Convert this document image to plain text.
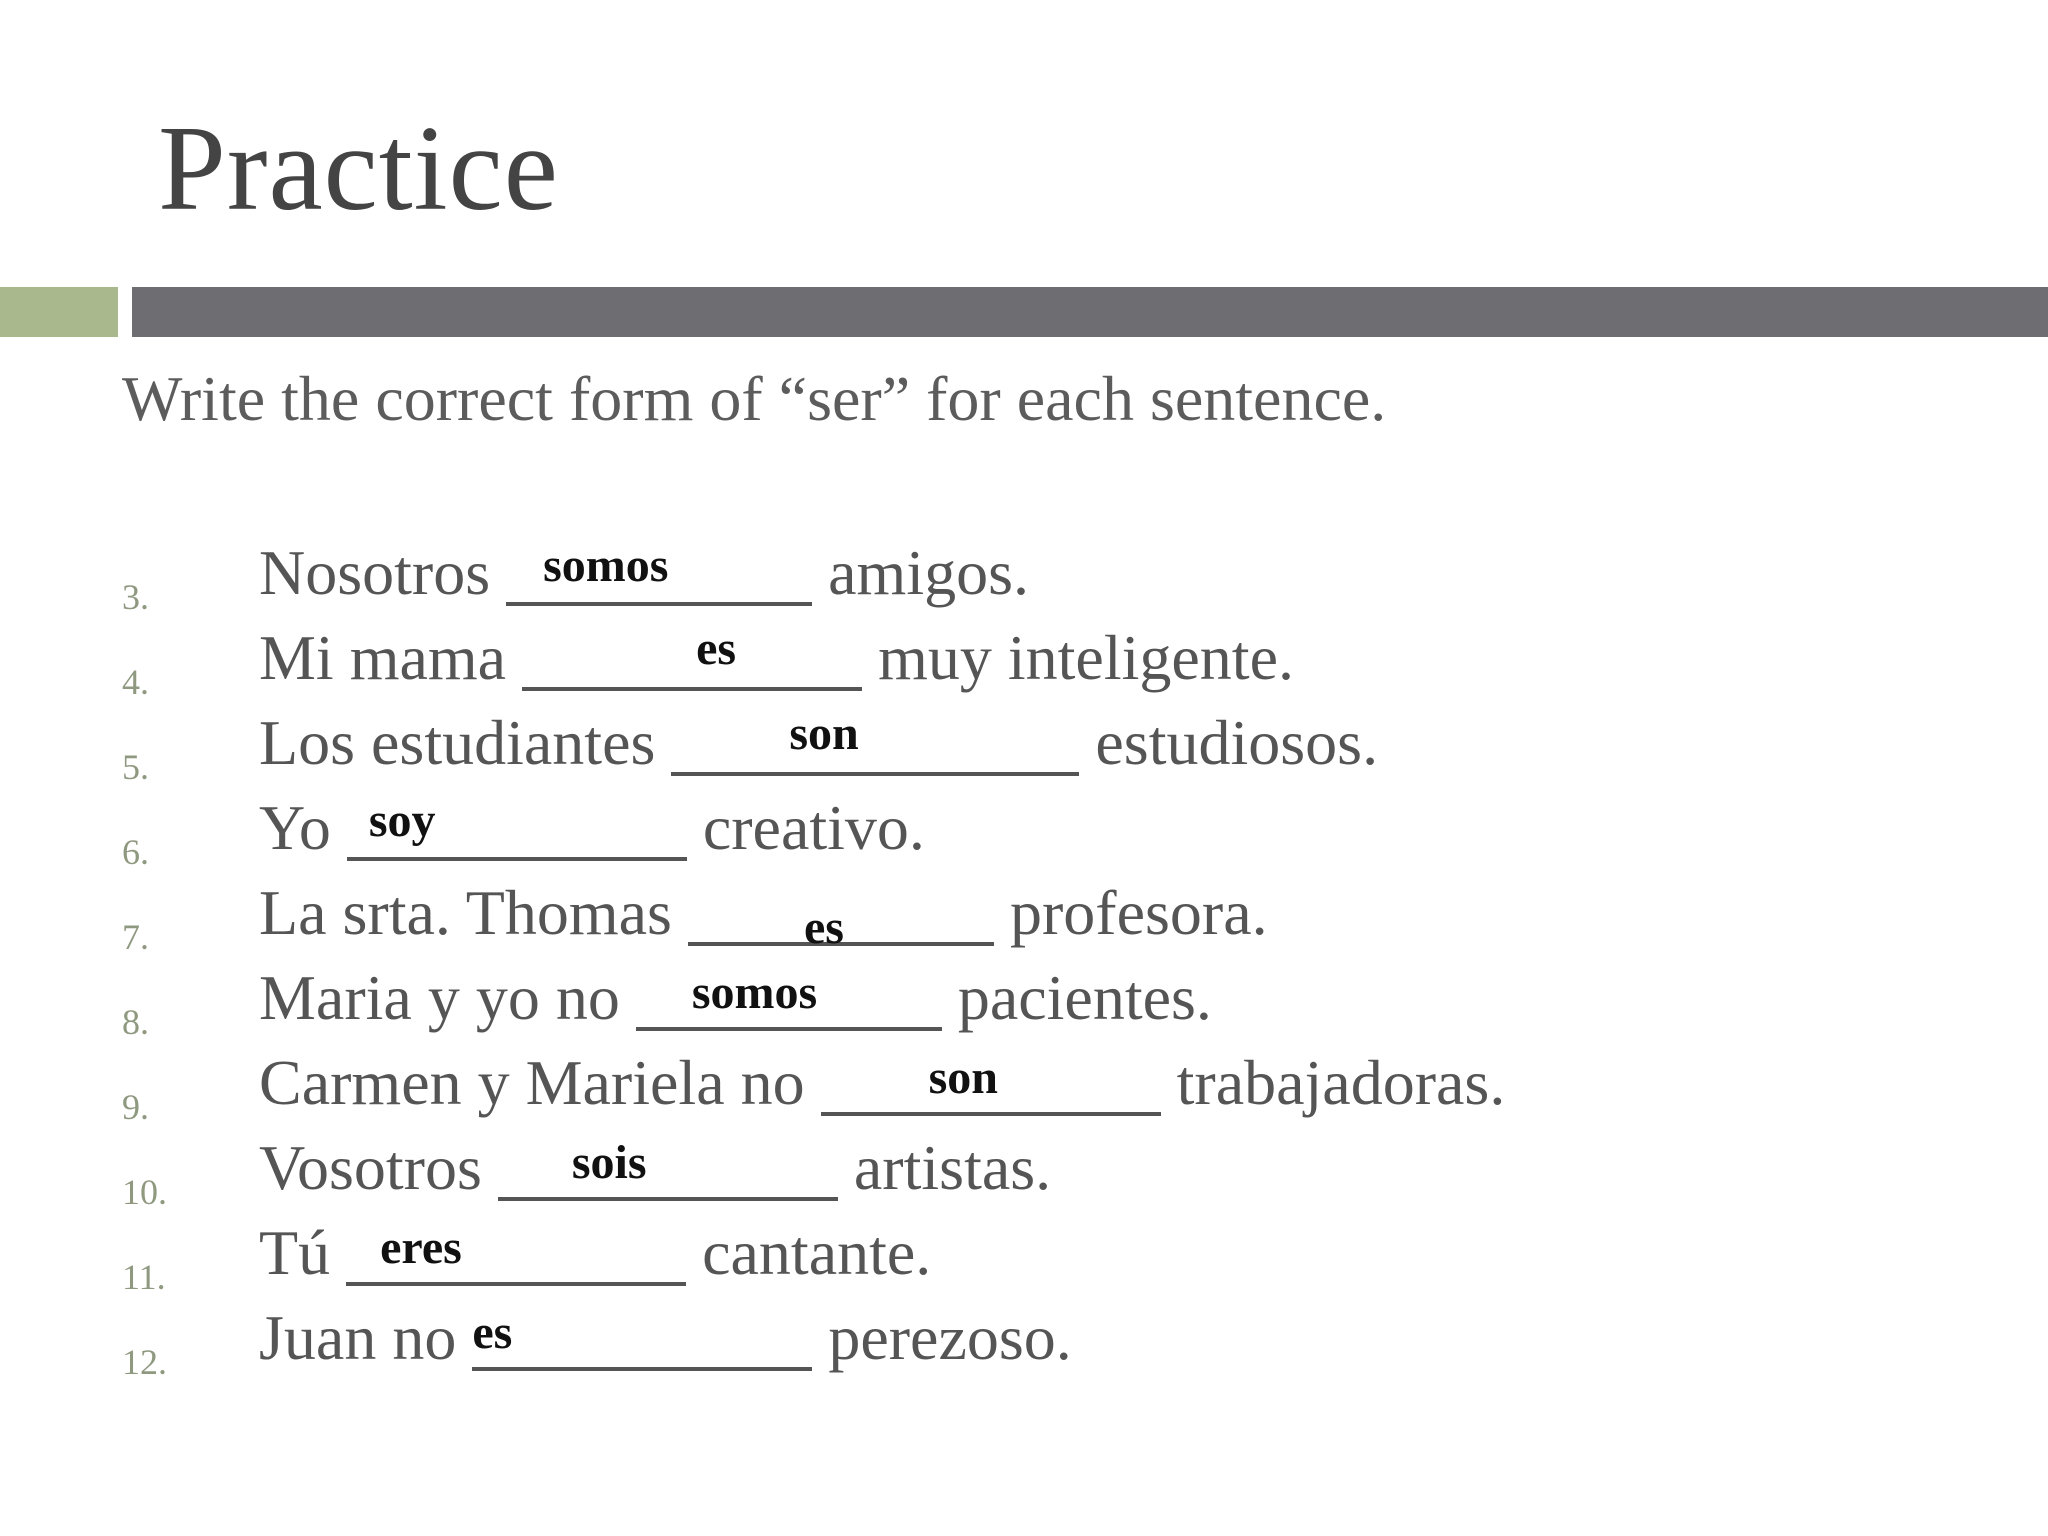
Practice
Write the correct form of “ser” for each sentence.
3. Nosotros somos amigos.
4. Mi mama	es muy inteligente.
5. Los estudiantes son	estudiosos.
6. Yo soy	creativo.
7. La srta. Thomas es profesora.
8. Maria y yo no somos pacientes.
9. Carmen y Mariela no son	trabajadoras.
10. Vosotros sois	artistas.
11. Tú eres	cantante.
12. Juan no es	perezoso.
